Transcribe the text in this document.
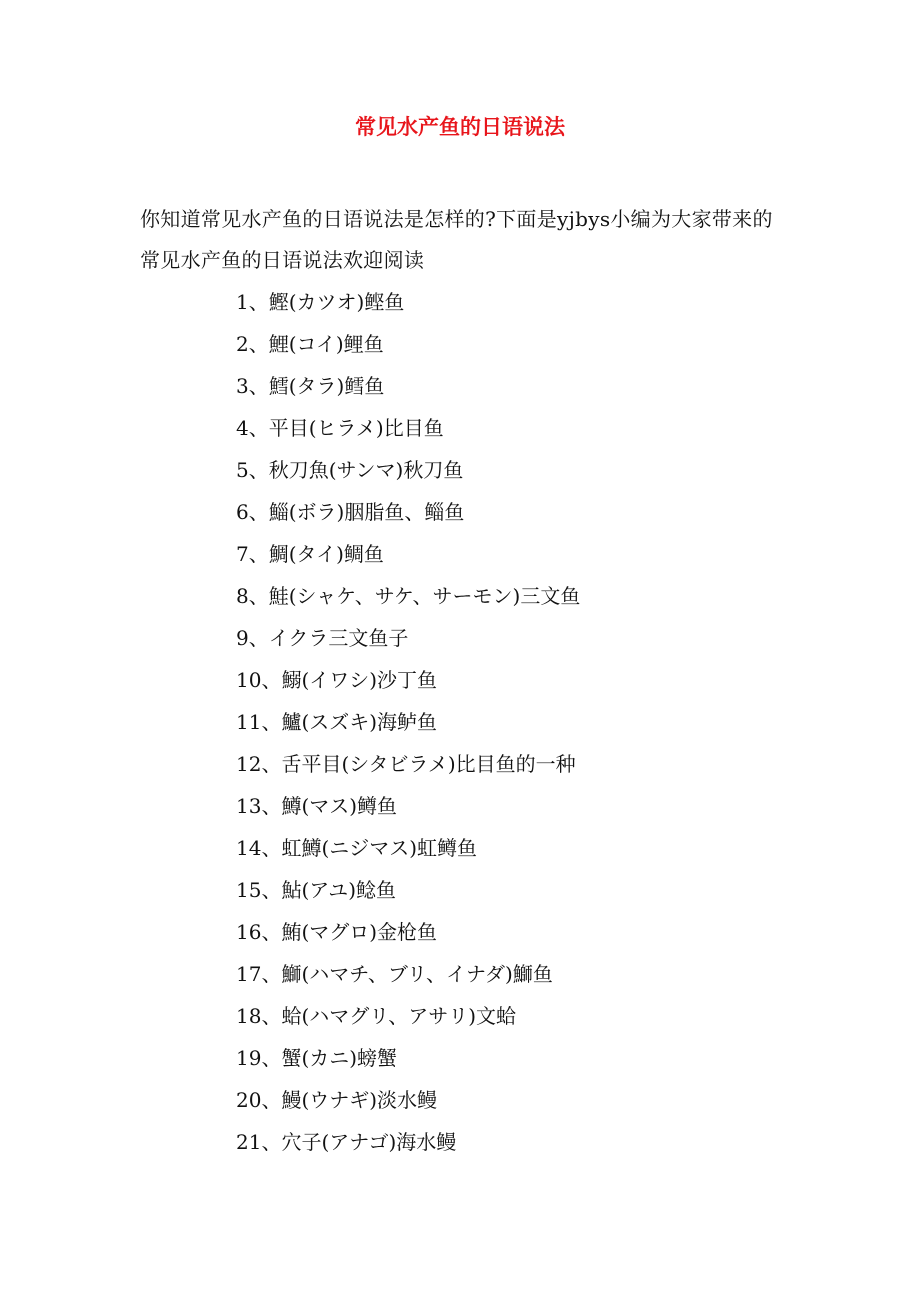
常见水产鱼的日语说法

你知道常见水产鱼的日语说法是怎样的?下面是yjbys小编为大家带来的常见水产鱼的日语说法欢迎阅读

1、鰹(カツオ)鲣鱼
2、鯉(コイ)鲤鱼
3、鱈(タラ)鳕鱼
4、平目(ヒラメ)比目鱼
5、秋刀魚(サンマ)秋刀鱼
6、鯔(ボラ)胭脂鱼、鲻鱼
7、鯛(タイ)鲷鱼
8、鮭(シャケ、サケ、サーモン)三文鱼
9、イクラ三文鱼子
10、鰯(イワシ)沙丁鱼
11、鱸(スズキ)海鲈鱼
12、舌平目(シタビラメ)比目鱼的一种
13、鱒(マス)鳟鱼
14、虹鱒(ニジマス)虹鳟鱼
15、鮎(アユ)鲶鱼
16、鮪(マグロ)金枪鱼
17、鰤(ハマチ、ブリ、イナダ)鰤鱼
18、蛤(ハマグリ、アサリ)文蛤
19、蟹(カニ)螃蟹
20、鰻(ウナギ)淡水鳗
21、穴子(アナゴ)海水鳗
